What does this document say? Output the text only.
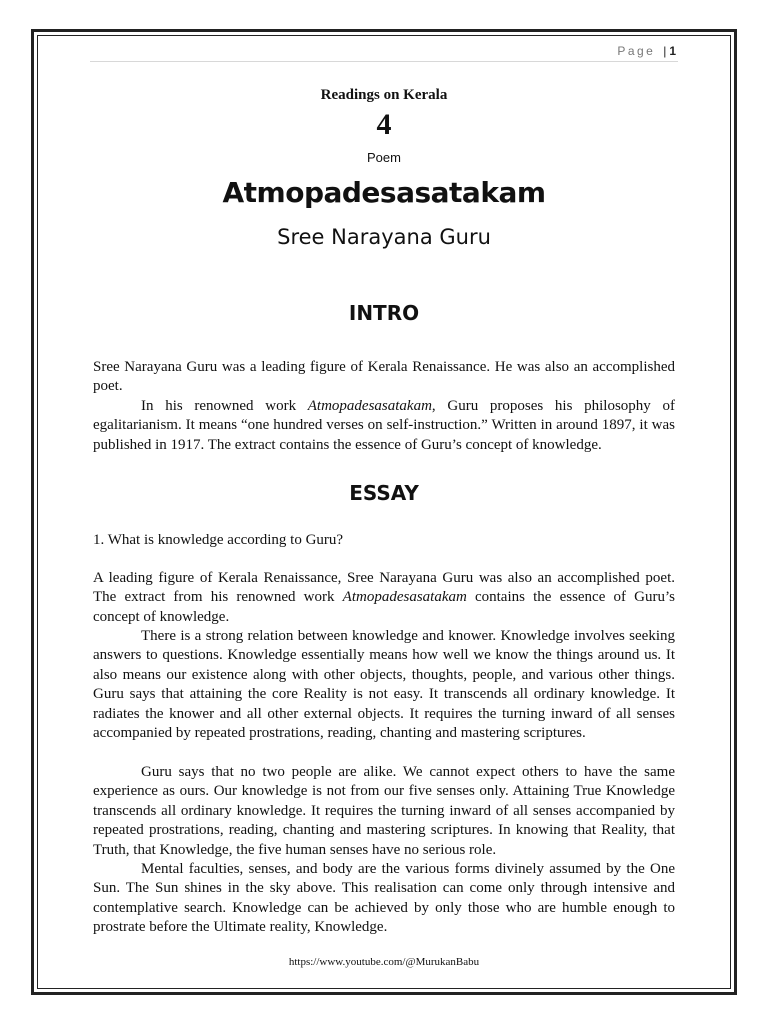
Page | 1
Readings on Kerala
4
Poem
Atmopadesasatakam
Sree Narayana Guru
INTRO

Sree Narayana Guru was a leading figure of Kerala Renaissance. He was also an accomplished poet.

In his renowned work Atmopadesasatakam, Guru proposes his philosophy of egalitarianism. It means “one hundred verses on self-instruction.” Written in around 1897, it was published in 1917. The extract contains the essence of Guru’s concept of knowledge.

ESSAY

1. What is knowledge according to Guru?

A leading figure of Kerala Renaissance, Sree Narayana Guru was also an accomplished poet. The extract from his renowned work Atmopadesasatakam contains the essence of Guru’s concept of knowledge.

There is a strong relation between knowledge and knower. Knowledge involves seeking answers to questions. Knowledge essentially means how well we know the things around us. It also means our existence along with other objects, thoughts, people, and various other things. Guru says that attaining the core Reality is not easy. It transcends all ordinary knowledge. It radiates the knower and all other external objects. It requires the turning inward of all senses accompanied by repeated prostrations, reading, chanting and mastering scriptures.

Guru says that no two people are alike. We cannot expect others to have the same experience as ours. Our knowledge is not from our five senses only. Attaining True Knowledge transcends all ordinary knowledge. It requires the turning inward of all senses accompanied by repeated prostrations, reading, chanting and mastering scriptures. In knowing that Reality, that Truth, that Knowledge, the five human senses have no serious role.

Mental faculties, senses, and body are the various forms divinely assumed by the One Sun. The Sun shines in the sky above. This realisation can come only through intensive and contemplative search. Knowledge can be achieved by only those who are humble enough to prostrate before the Ultimate reality, Knowledge.

https://www.youtube.com/@MurukanBabu
